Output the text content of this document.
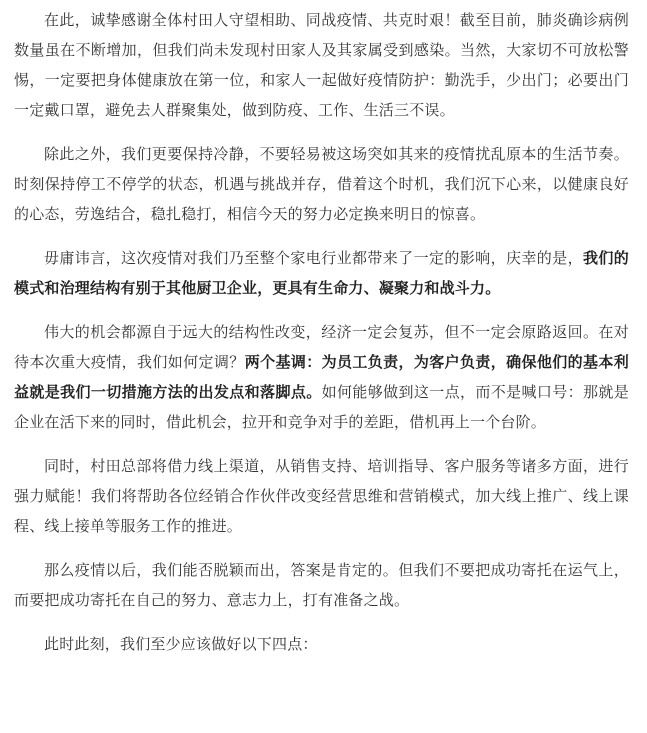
在此，诚挚感谢全体村田人守望相助、同战疫情、共克时艰！截至目前，肺炎确诊病例数量虽在不断增加，但我们尚未发现村田家人及其家属受到感染。当然，大家切不可放松警惕，一定要把身体健康放在第一位，和家人一起做好疫情防护：勤洗手，少出门；必要出门一定戴口罩，避免去人群聚集处，做到防疫、工作、生活三不误。

除此之外，我们更要保持冷静，不要轻易被这场突如其来的疫情扰乱原本的生活节奏。时刻保持停工不停学的状态，机遇与挑战并存，借着这个时机，我们沉下心来，以健康良好的心态，劳逸结合，稳扎稳打，相信今天的努力必定换来明日的惊喜。

毋庸讳言，这次疫情对我们乃至整个家电行业都带来了一定的影响，庆幸的是，我们的模式和治理结构有别于其他厨卫企业，更具有生命力、凝聚力和战斗力。

伟大的机会都源自于远大的结构性改变，经济一定会复苏，但不一定会原路返回。在对待本次重大疫情，我们如何定调？两个基调：为员工负责，为客户负责，确保他们的基本利益就是我们一切措施方法的出发点和落脚点。如何能够做到这一点，而不是喊口号：那就是企业在活下来的同时，借此机会，拉开和竞争对手的差距，借机再上一个台阶。

同时，村田总部将借力线上渠道，从销售支持、培训指导、客户服务等诸多方面，进行强力赋能！我们将帮助各位经销合作伙伴改变经营思维和营销模式，加大线上推广、线上课程、线上接单等服务工作的推进。

那么疫情以后，我们能否脱颖而出，答案是肯定的。但我们不要把成功寄托在运气上，而要把成功寄托在自己的努力、意志力上，打有准备之战。

此时此刻，我们至少应该做好以下四点：
